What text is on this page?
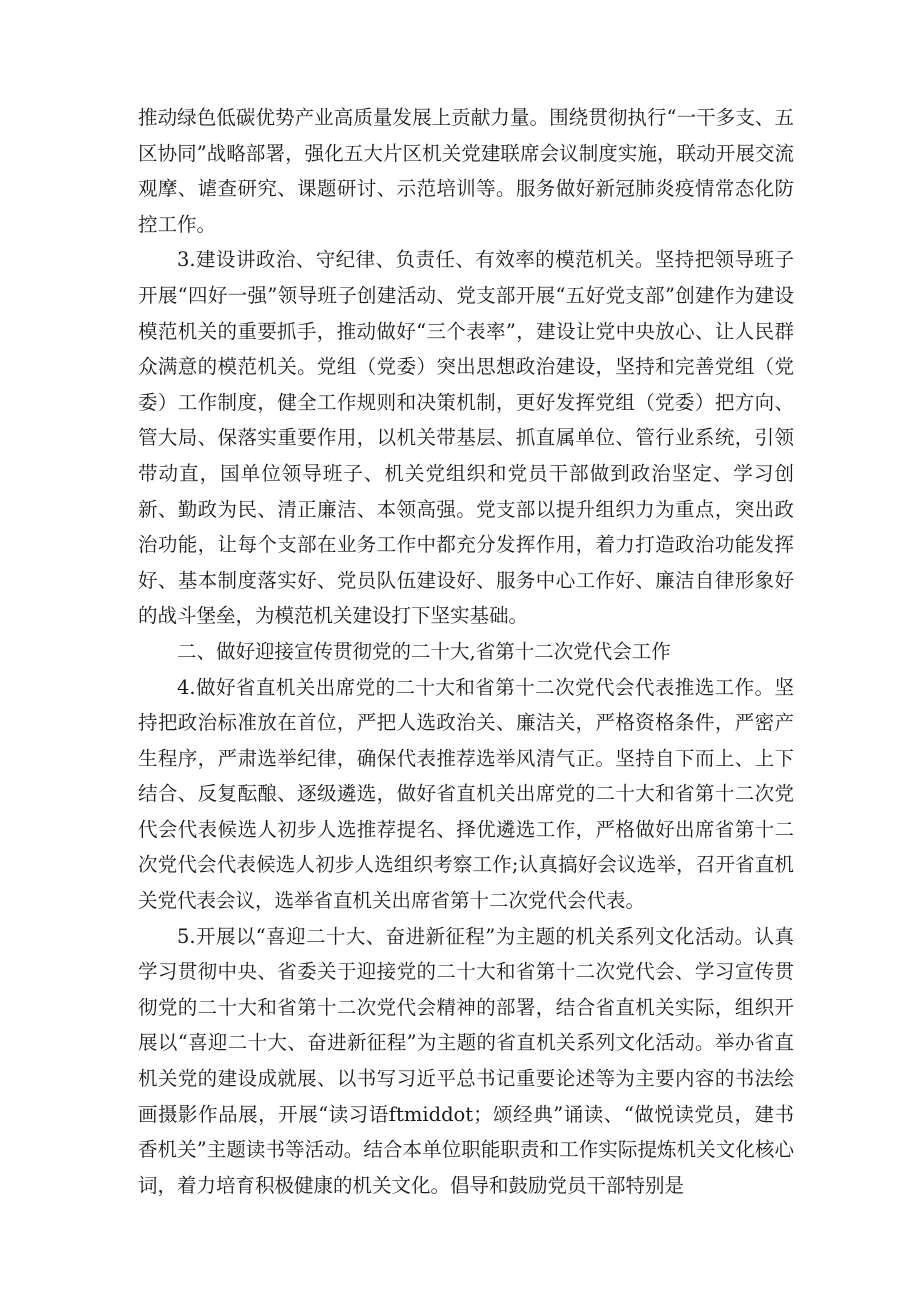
推动绿色低碳优势产业高质量发展上贡献力量。围绕贯彻执行“一干多支、五区协同”战略部署，强化五大片区机关党建联席会议制度实施，联动开展交流观摩、谑查研究、课题研讨、示范培训等。服务做好新冠肺炎疫情常态化防控工作。

3.建设讲政治、守纪律、负责任、有效率的模范机关。坚持把领导班子开展“四好一强”领导班子创建活动、党支部开展“五好党支部”创建作为建设模范机关的重要抓手，推动做好“三个表率”，建设让党中央放心、让人民群众满意的模范机关。党组（党委）突出思想政治建设，坚持和完善党组（党委）工作制度，健全工作规则和决策机制，更好发挥党组（党委）把方向、管大局、保落实重要作用，以机关带基层、抓直属单位、管行业系统，引领带动直，国单位领导班子、机关党组织和党员干部做到政治坚定、学习创新、勤政为民、清正廉洁、本领高强。党支部以提升组织力为重点，突出政治功能，让每个支部在业务工作中都充分发挥作用，着力打造政治功能发挥好、基本制度落实好、党员队伍建设好、服务中心工作好、廉洁自律形象好的战斗堡垒，为模范机关建设打下坚实基础。

二、做好迎接宣传贯彻党的二十大,省第十二次党代会工作

4.做好省直机关出席党的二十大和省第十二次党代会代表推选工作。坚持把政治标准放在首位，严把人选政治关、廉洁关，严格资格条件，严密产生程序，严肃选举纪律，确保代表推荐选举风清气正。坚持自下而上、上下结合、反复酝酿、逐级遴选，做好省直机关出席党的二十大和省第十二次党代会代表候选人初步人选推荐提名、择优遴选工作，严格做好出席省第十二次党代会代表候选人初步人选组织考察工作;认真搞好会议选举，召开省直机关党代表会议，选举省直机关出席省第十二次党代会代表。

5.开展以“喜迎二十大、奋进新征程”为主题的机关系列文化活动。认真学习贯彻中央、省委关于迎接党的二十大和省第十二次党代会、学习宣传贯彻党的二十大和省第十二次党代会精神的部署，结合省直机关实际，组织开展以“喜迎二十大、奋进新征程”为主题的省直机关系列文化活动。举办省直机关党的建设成就展、以书写习近平总书记重要论述等为主要内容的书法绘画摄影作品展，开展“读习语ftmiddot；颂经典”诵读、“做悦读党员，建书香机关”主题读书等活动。结合本单位职能职责和工作实际提炼机关文化核心词，着力培育积极健康的机关文化。倡导和鼓励党员干部特别是
